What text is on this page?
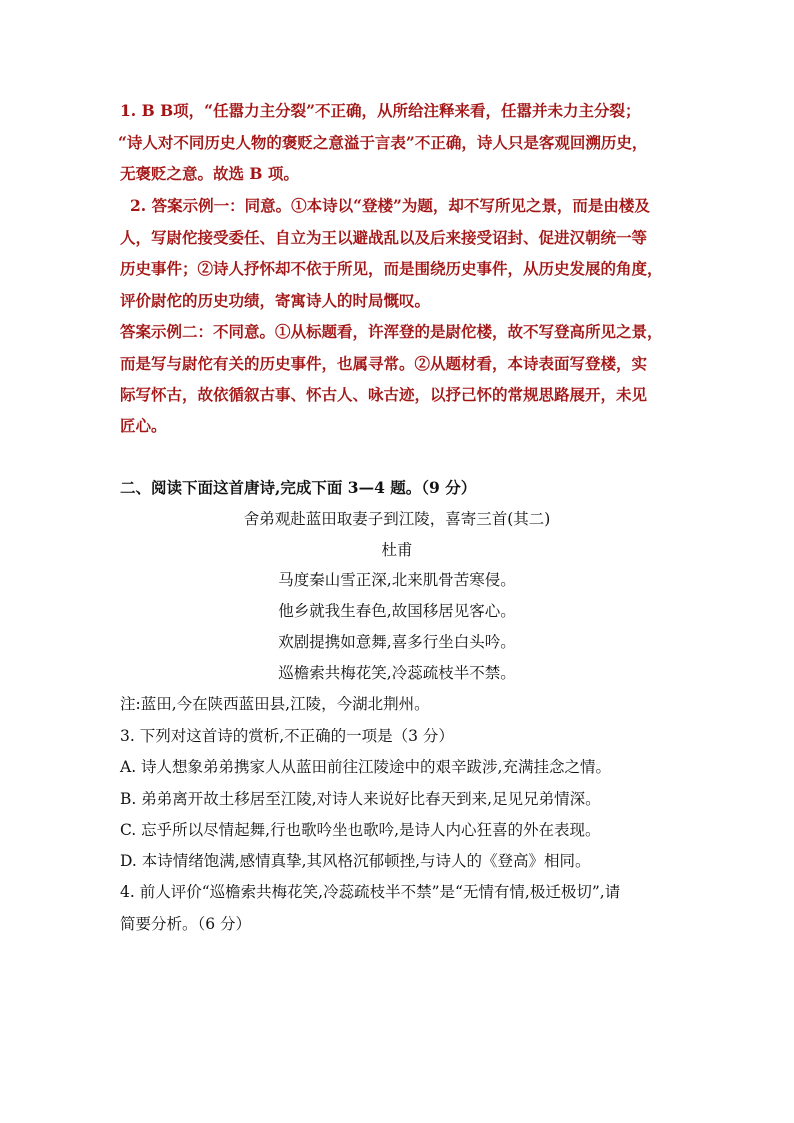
1. B B项，“任嚣力主分裂”不正确，从所给注释来看，任嚣并未力主分裂；
“诗人对不同历史人物的褒贬之意溢于言表”不正确，诗人只是客观回溯历史，
无褒贬之意。故选 B 项。
2. 答案示例一：同意。①本诗以“登楼”为题，却不写所见之景，而是由楼及
人，写尉佗接受委任、自立为王以避战乱以及后来接受诏封、促进汉朝统一等
历史事件；②诗人抒怀却不依于所见，而是围绕历史事件，从历史发展的角度，
评价尉佗的历史功绩，寄寓诗人的时局慨叹。
答案示例二：不同意。①从标题看，许浑登的是尉佗楼，故不写登高所见之景，
而是写与尉佗有关的历史事件，也属寻常。②从题材看，本诗表面写登楼，实
际写怀古，故依循叙古事、怀古人、咏古迹，以抒己怀的常规思路展开，未见
匠心。
二、阅读下面这首唐诗,完成下面 3—4 题。（9 分）
舍弟观赴蓝田取妻子到江陵，喜寄三首(其二)
杜甫
马度秦山雪正深,北来肌骨苦寒侵。
他乡就我生春色,故国移居见客心。
欢剧提携如意舞,喜多行坐白头吟。
巡檐索共梅花笑,冷蕊疏枝半不禁。
注:蓝田,今在陕西蓝田县,江陵，今湖北荆州。
3. 下列对这首诗的赏析,不正确的一项是（3 分）
A. 诗人想象弟弟携家人从蓝田前往江陵途中的艰辛跋涉,充满挂念之情。
B. 弟弟离开故土移居至江陵,对诗人来说好比春天到来,足见兄弟情深。
C. 忘乎所以尽情起舞,行也歌吟坐也歌吟,是诗人内心狂喜的外在表现。
D. 本诗情绪饱满,感情真挚,其风格沉郁顿挫,与诗人的《登高》相同。
4. 前人评价“巡檐索共梅花笑,冷蕊疏枝半不禁”是“无情有情,极迁极切”,请
简要分析。（6 分）
